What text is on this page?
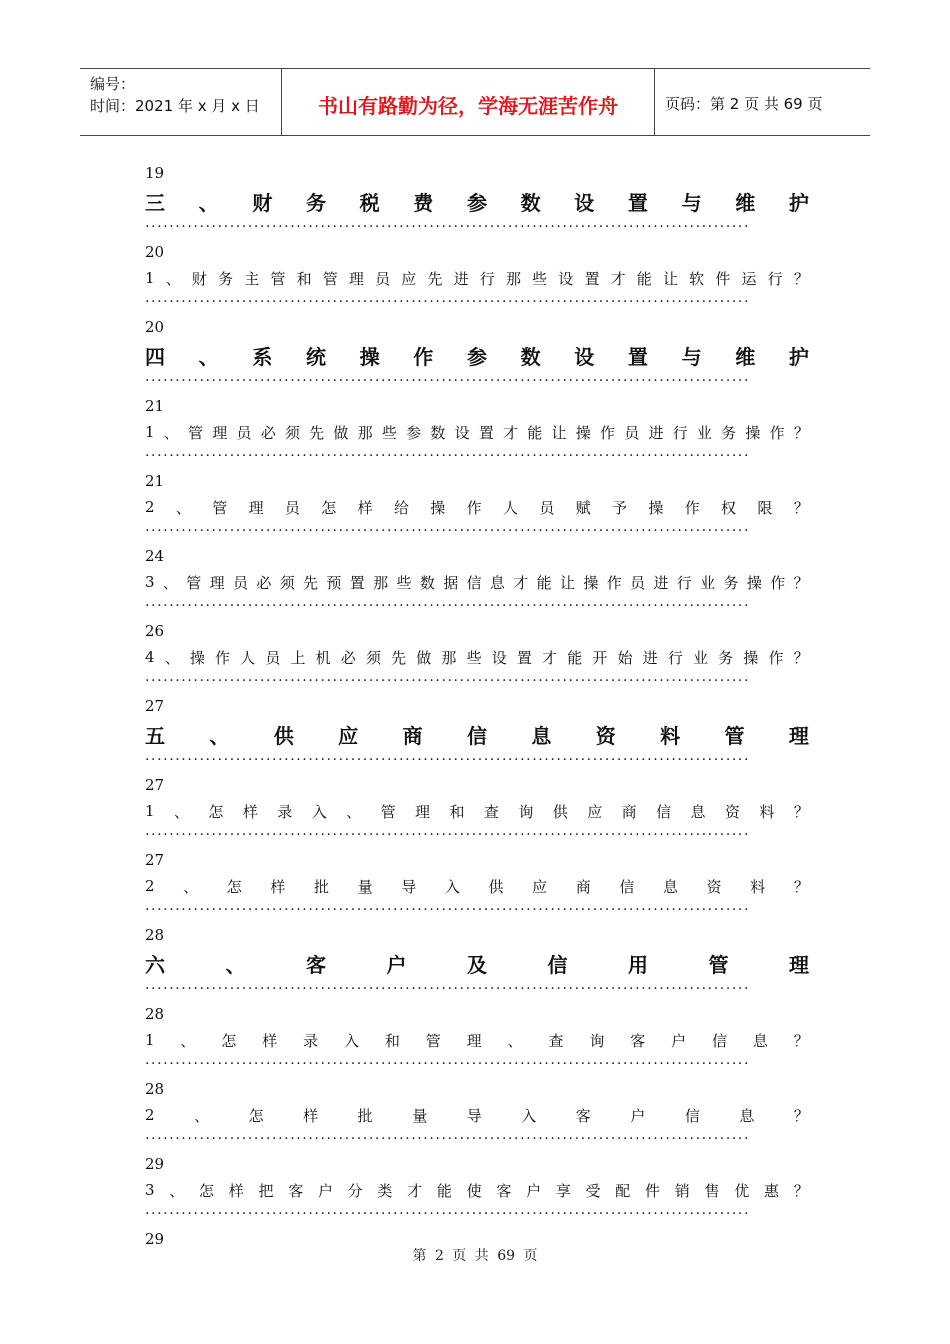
编号：
时间：2021 年 x 月 x 日	书山有路勤为径，学海无涯苦作舟	页码：第 2 页 共 69 页
19
三 、 财 务 税 费 参 数 设 置 与 维 护
....................................................................................................
20
1 、 财 务 主 管 和 管 理 员 应 先 进 行 那 些 设 置 才 能 让 软 件 运 行 ？
....................................................................................................
20
四 、 系 统 操 作 参 数 设 置 与 维 护
....................................................................................................
21
1 、 管 理 员 必 须 先 做 那 些 参 数 设 置 才 能 让 操 作 员 进 行 业 务 操 作 ？
....................................................................................................
21
2 、 管 理 员 怎 样 给 操 作 人 员 赋 予 操 作 权 限 ？
....................................................................................................
24
3 、 管 理 员 必 须 先 预 置 那 些 数 据 信 息 才 能 让 操 作 员 进 行 业 务 操 作 ？
....................................................................................................
26
4 、 操 作 人 员 上 机 必 须 先 做 那 些 设 置 才 能 开 始 进 行 业 务 操 作 ？
....................................................................................................
27
五 、 供 应 商 信 息 资 料 管 理
....................................................................................................
27
1 、 怎 样 录 入 、 管 理 和 查 询 供 应 商 信 息 资 料 ？
....................................................................................................
27
2 、 怎 样 批 量 导 入 供 应 商 信 息 资 料 ？
....................................................................................................
28
六	、	客	户	及	信	用	管	理
....................................................................................................
28
1 、 怎 样 录 入 和 管 理 、 查 询 客 户 信 息 ？
....................................................................................................
28
2	、	怎	样	批	量	导	入	客	户	信	息	？
....................................................................................................
29
3 、 怎 样 把 客 户 分 类 才 能 使 客 户 享 受 配 件 销 售 优 惠 ？
....................................................................................................
29
第 2 页 共 69 页
